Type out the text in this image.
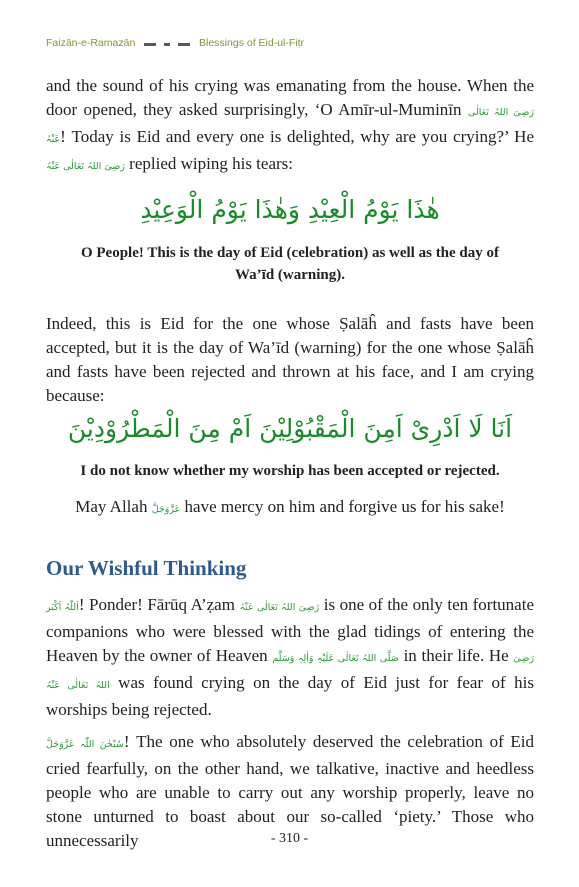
Faizān-e-Ramazān	Blessings of Eid-ul-Fiṭr

and the sound of his crying was emanating from the house. When the door opened, they asked surprisingly, ‘O Amīr-ul-Muminīn رَضِیَ اللہُ تَعَالٰی عَنْہُ! Today is Eid and every one is delighted, why are you crying?’ He رَضِیَ اللہُ تَعَالٰی عَنْہُ replied wiping his tears:

هٰذَا يَوْمُ الْعِيْدِ وَهٰذَا يَوْمُ الْوَعِيْدِ

O People! This is the day of Eid (celebration) as well as the day of Wa’īd (warning).

Indeed, this is Eid for the one whose Ṣalāĥ and fasts have been accepted, but it is the day of Wa’īd (warning) for the one whose Ṣalāĥ and fasts have been rejected and thrown at his face, and I am crying because:

اَنَا لَا اَدْرِیْ اَمِنَ الْمَقْبُوْلِیْنَ اَمْ مِنَ الْمَطْرُوْدِيْنَ

I do not know whether my worship has been accepted or rejected.

May Allah عَزَّوَجَلَّ have mercy on him and forgive us for his sake!

Our Wishful Thinking

اَللّٰہُ اَکْبَر! Ponder! Fārūq A’ẓam رَضِیَ اللہُ تَعَالٰی عَنْہُ is one of the only ten fortunate companions who were blessed with the glad tidings of entering the Heaven by the owner of Heaven صَلَّی اللہُ تَعَالٰی عَلَیْہِ وَاٰلِہٖ وَسَلَّم in their life. He رَضِیَ اللہُ تَعَالٰی عَنْہُ was found crying on the day of Eid just for fear of his worships being rejected.

سُبْحٰنَ اللّٰہ عَزَّوَجَلَّ! The one who absolutely deserved the celebration of Eid cried fearfully, on the other hand, we talkative, inactive and heedless people who are unable to carry out any worship properly, leave no stone unturned to boast about our so-called ‘piety.’ Those who unnecessarily	- 310 -
